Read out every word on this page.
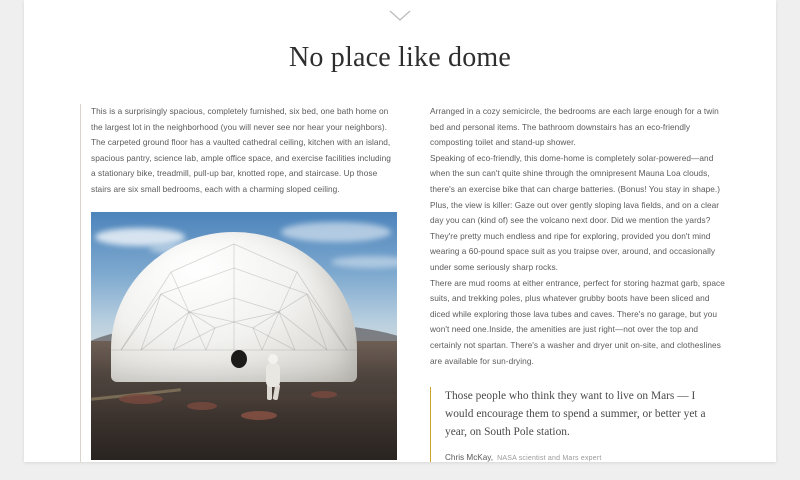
No place like dome

This is a surprisingly spacious, completely furnished, six bed, one bath home on the largest lot in the neighborhood (you will never see nor hear your neighbors). The carpeted ground floor has a vaulted cathedral ceiling, kitchen with an island, spacious pantry, science lab, ample office space, and exercise facilities including a stationary bike, treadmill, pull-up bar, knotted rope, and staircase. Up those stairs are six small bedrooms, each with a charming sloped ceiling.

Arranged in a cozy semicircle, the bedrooms are each large enough for a twin bed and personal items. The bathroom downstairs has an eco-friendly composting toilet and stand-up shower.

Speaking of eco-friendly, this dome-home is completely solar-powered—and when the sun can't quite shine through the omnipresent Mauna Loa clouds, there's an exercise bike that can charge batteries. (Bonus! You stay in shape.)

Plus, the view is killer: Gaze out over gently sloping lava fields, and on a clear day you can (kind of) see the volcano next door. Did we mention the yards? They're pretty much endless and ripe for exploring, provided you don't mind wearing a 60-pound space suit as you traipse over, around, and occasionally under some seriously sharp rocks.

There are mud rooms at either entrance, perfect for storing hazmat garb, space suits, and trekking poles, plus whatever grubby boots have been sliced and diced while exploring those lava tubes and caves. There's no garage, but you won't need one.Inside, the amenities are just right—not over the top and certainly not spartan. There's a washer and dryer unit on-site, and clotheslines are available for sun-drying.

Those people who think they want to live on Mars — I would encourage them to spend a summer, or better yet a year, on South Pole station.

Chris McKay, NASA scientist and Mars expert
